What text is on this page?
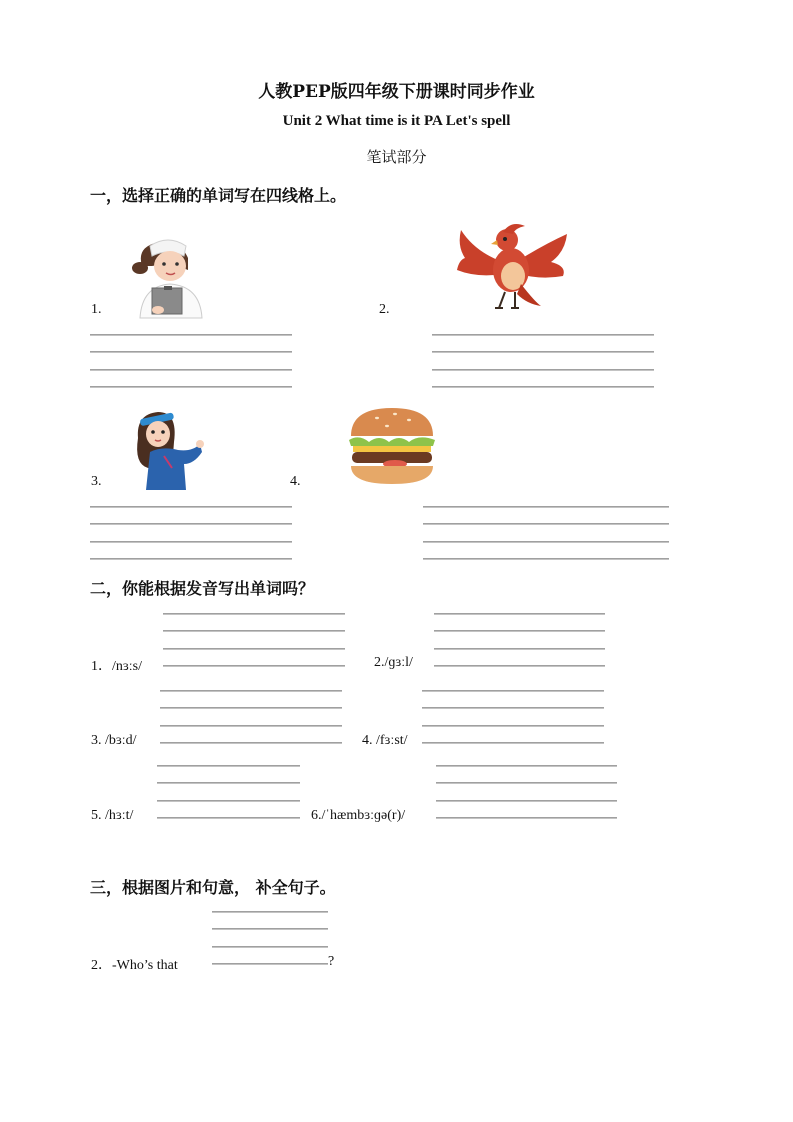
人教PEP版四年级下册课时同步作业
Unit 2 What time is it PA Let's spell
笔试部分
一，选择正确的单词写在四线格上。
1.	2.
3.	4.
二，你能根据发音写出单词吗？
1．/nɜːs/	2./ɡɜːl/
3. /bɜːd/	4. /fɜːst/
5. /hɜːt/	6./ˈhæmbɜːɡə(r)/
三，根据图片和句意， 补全句子。
2．-Who’s that	?
